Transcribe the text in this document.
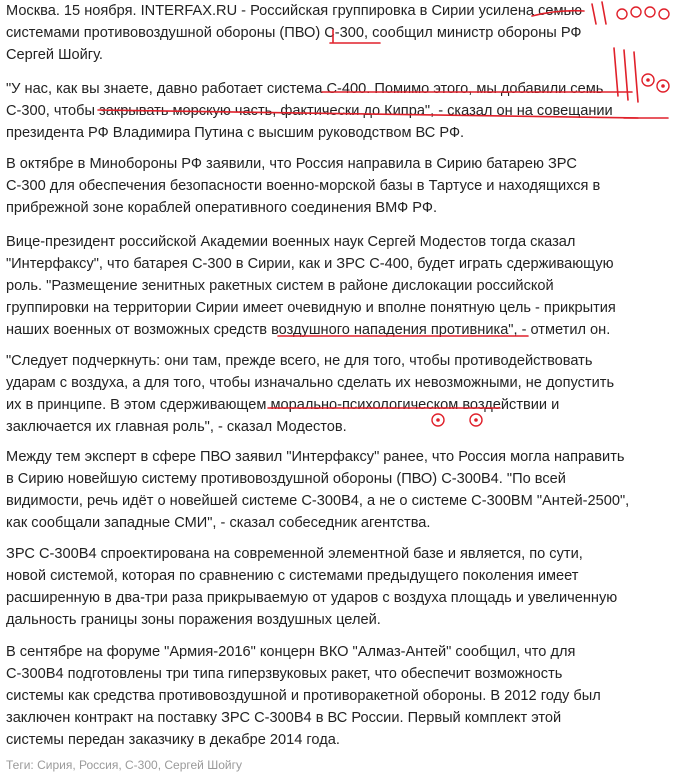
Москва. 15 ноября. INTERFAX.RU - Российская группировка в Сирии усилена семью
системами противовоздушной обороны (ПВО) С-300, сообщил министр обороны РФ
Сергей Шойгу.
"У нас, как вы знаете, давно работает система С-400. Помимо этого, мы добавили семь
С-300, чтобы закрывать морскую часть, фактически до Кипра", - сказал он на совещании
президента РФ Владимира Путина с высшим руководством ВС РФ.
В октябре в Минобороны РФ заявили, что Россия направила в Сирию батарею ЗРС
С-300 для обеспечения безопасности военно-морской базы в Тартусе и находящихся в
прибрежной зоне кораблей оперативного соединения ВМФ РФ.
Вице-президент российской Академии военных наук Сергей Модестов тогда сказал
"Интерфаксу", что батарея С-300 в Сирии, как и ЗРС С-400, будет играть сдерживающую
роль. "Размещение зенитных ракетных систем в районе дислокации российской
группировки на территории Сирии имеет очевидную и вполне понятную цель - прикрытия
наших военных от возможных средств воздушного нападения противника", - отметил он.
"Следует подчеркнуть: они там, прежде всего, не для того, чтобы противодействовать
ударам с воздуха, а для того, чтобы изначально сделать их невозможными, не допустить
их в принципе. В этом сдерживающем морально-психологическом воздействии и
заключается их главная роль", - сказал Модестов.
Между тем эксперт в сфере ПВО заявил "Интерфаксу" ранее, что Россия могла направить
в Сирию новейшую систему противовоздушной обороны (ПВО) С-300В4. "По всей
видимости, речь идёт о новейшей системе С-300В4, а не о системе С-300ВМ "Антей-2500",
как сообщали западные СМИ", - сказал собеседник агентства.
ЗРС С-300В4 спроектирована на современной элементной базе и является, по сути,
новой системой, которая по сравнению с системами предыдущего поколения имеет
расширенную в два-три раза прикрываемую от ударов с воздуха площадь и увеличенную
дальность границы зоны поражения воздушных целей.
В сентябре на форуме "Армия-2016" концерн ВКО "Алмаз-Антей" сообщил, что для
С-300В4 подготовлены три типа гиперзвуковых ракет, что обеспечит возможность
системы как средства противовоздушной и противоракетной обороны. В 2012 году был
заключен контракт на поставку ЗРС С-300В4 в ВС России. Первый комплект этой
системы передан заказчику в декабре 2014 года.
Теги: Сирия, Россия, С-300, Сергей Шойгу
